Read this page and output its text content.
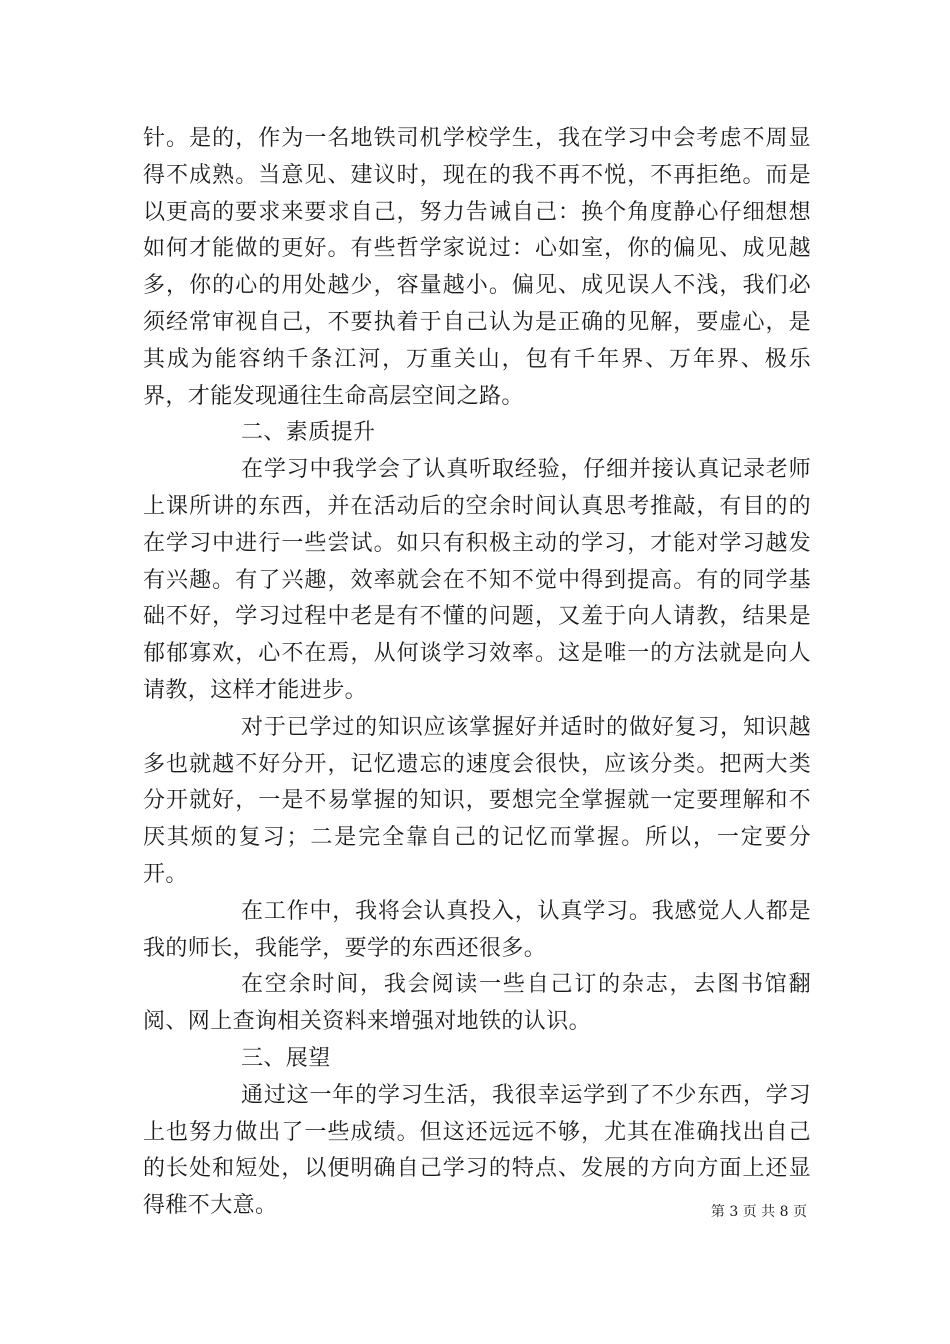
针。是的，作为一名地铁司机学校学生，我在学习中会考虑不周显得不成熟。当意见、建议时，现在的我不再不悦，不再拒绝。而是以更高的要求来要求自己，努力告诫自己：换个角度静心仔细想想如何才能做的更好。有些哲学家说过：心如室，你的偏见、成见越多，你的心的用处越少，容量越小。偏见、成见误人不浅，我们必须经常审视自己，不要执着于自己认为是正确的见解，要虚心，是其成为能容纳千条江河，万重关山，包有千年界、万年界、极乐界，才能发现通往生命高层空间之路。

二、素质提升

在学习中我学会了认真听取经验，仔细并接认真记录老师上课所讲的东西，并在活动后的空余时间认真思考推敲，有目的的在学习中进行一些尝试。如只有积极主动的学习，才能对学习越发有兴趣。有了兴趣，效率就会在不知不觉中得到提高。有的同学基础不好，学习过程中老是有不懂的问题，又羞于向人请教，结果是郁郁寡欢，心不在焉，从何谈学习效率。这是唯一的方法就是向人请教，这样才能进步。

对于已学过的知识应该掌握好并适时的做好复习，知识越多也就越不好分开，记忆遗忘的速度会很快，应该分类。把两大类分开就好，一是不易掌握的知识，要想完全掌握就一定要理解和不厌其烦的复习；二是完全靠自己的记忆而掌握。所以，一定要分开。

在工作中，我将会认真投入，认真学习。我感觉人人都是我的师长，我能学，要学的东西还很多。

在空余时间，我会阅读一些自己订的杂志，去图书馆翻阅、网上查询相关资料来增强对地铁的认识。

三、展望

通过这一年的学习生活，我很幸运学到了不少东西，学习上也努力做出了一些成绩。但这还远远不够，尤其在准确找出自己的长处和短处，以便明确自己学习的特点、发展的方向方面上还显得稚不大意。	第 3 页 共 8 页
